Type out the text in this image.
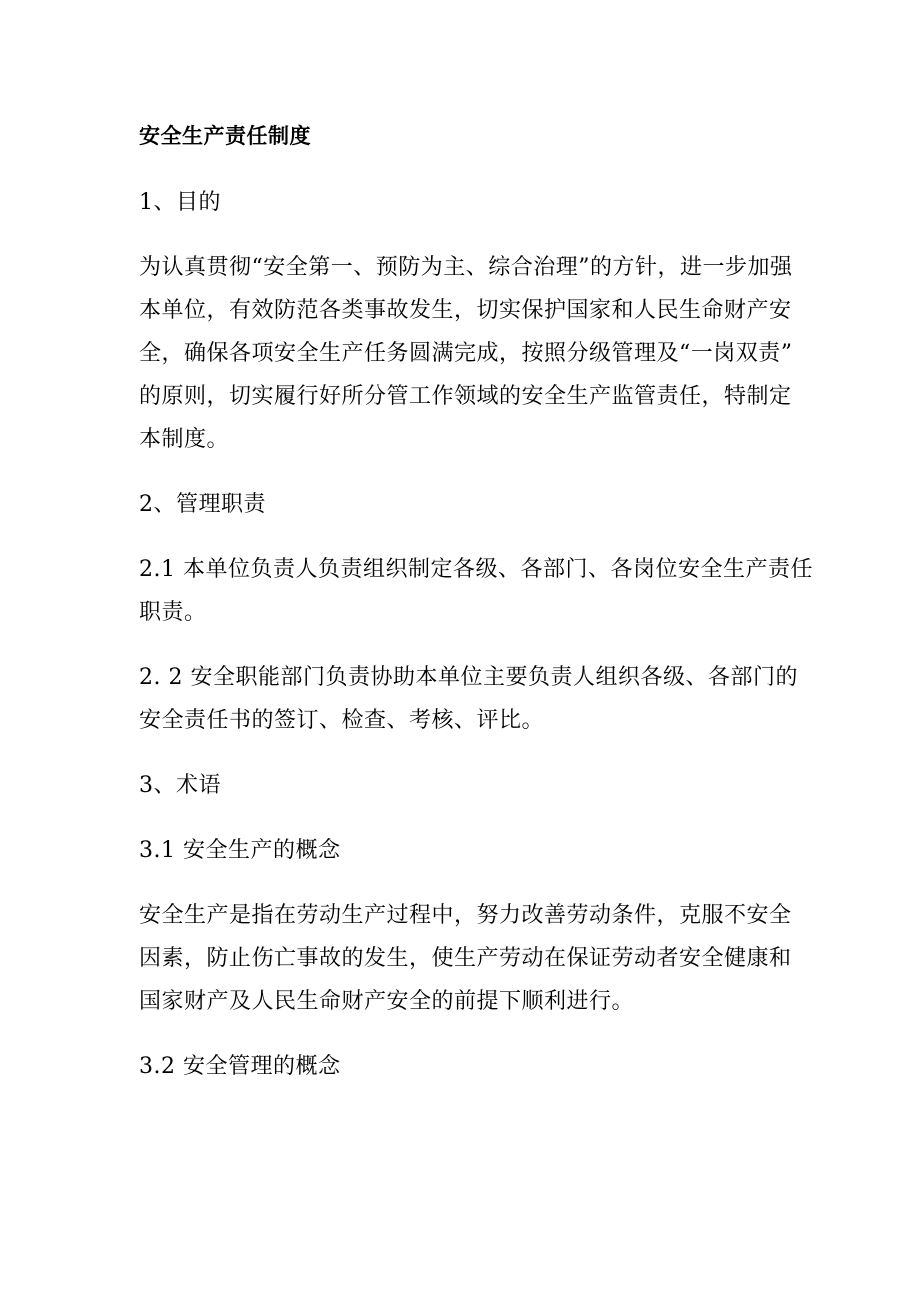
安全生产责任制度
1、目的
为认真贯彻“安全第一、预防为主、综合治理”的方针，进一步加强
本单位，有效防范各类事故发生，切实保护国家和人民生命财产安
全，确保各项安全生产任务圆满完成，按照分级管理及“一岗双责”
的原则，切实履行好所分管工作领域的安全生产监管责任，特制定
本制度。
2、管理职责
2.1 本单位负责人负责组织制定各级、各部门、各岗位安全生产责任
职责。
2. 2 安全职能部门负责协助本单位主要负责人组织各级、各部门的
安全责任书的签订、检查、考核、评比。
3、术语
3.1 安全生产的概念
安全生产是指在劳动生产过程中，努力改善劳动条件，克服不安全
因素，防止伤亡事故的发生，使生产劳动在保证劳动者安全健康和
国家财产及人民生命财产安全的前提下顺利进行。
3.2 安全管理的概念
